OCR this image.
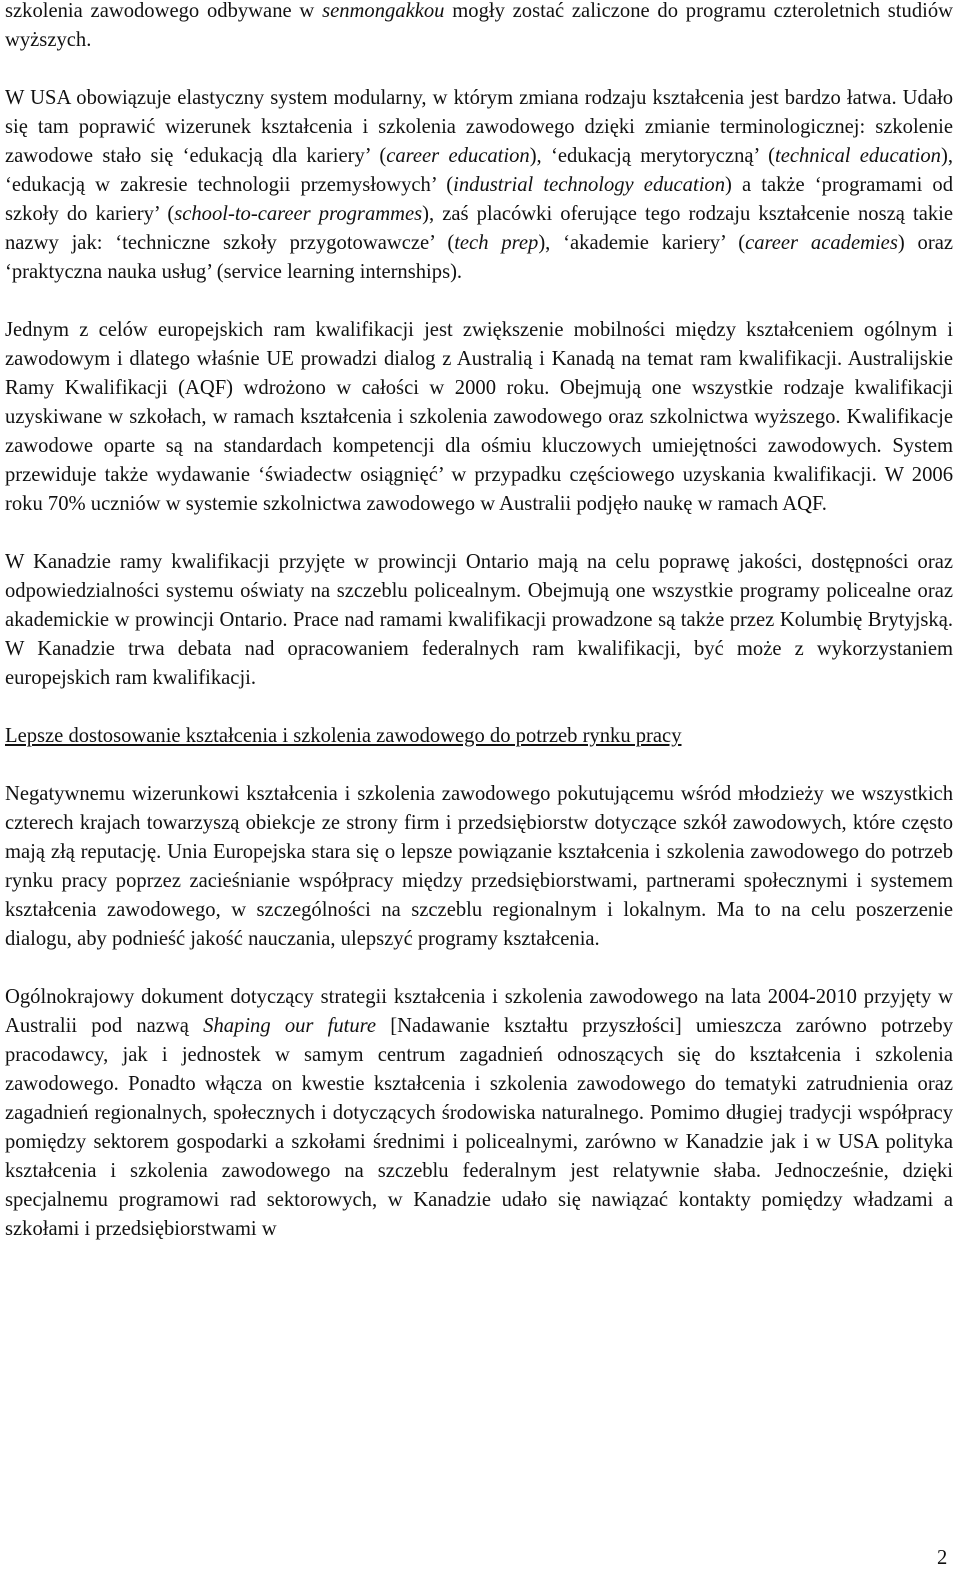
szkolenia zawodowego odbywane w senmongakkou mogły zostać zaliczone do programu czteroletnich studiów wyższych.

W USA obowiązuje elastyczny system modularny, w którym zmiana rodzaju kształcenia jest bardzo łatwa. Udało się tam poprawić wizerunek kształcenia i szkolenia zawodowego dzięki zmianie terminologicznej: szkolenie zawodowe stało się ‘edukacją dla kariery’ (career education), ‘edukacją merytoryczną’ (technical education), ‘edukacją w zakresie technologii przemysłowych’ (industrial technology education) a także ‘programami od szkoły do kariery’ (school-to-career programmes), zaś placówki oferujące tego rodzaju kształcenie noszą takie nazwy jak: ‘techniczne szkoły przygotowawcze’ (tech prep), ‘akademie kariery’ (career academies) oraz ‘praktyczna nauka usług’ (service learning internships).

Jednym z celów europejskich ram kwalifikacji jest zwiększenie mobilności między kształceniem ogólnym i zawodowym i dlatego właśnie UE prowadzi dialog z Australią i Kanadą na temat ram kwalifikacji. Australijskie Ramy Kwalifikacji (AQF) wdrożono w całości w 2000 roku. Obejmują one wszystkie rodzaje kwalifikacji uzyskiwane w szkołach, w ramach kształcenia i szkolenia zawodowego oraz szkolnictwa wyższego. Kwalifikacje zawodowe oparte są na standardach kompetencji dla ośmiu kluczowych umiejętności zawodowych. System przewiduje także wydawanie ‘świadectw osiągnięć’ w przypadku częściowego uzyskania kwalifikacji. W 2006 roku 70% uczniów w systemie szkolnictwa zawodowego w Australii podjęło naukę w ramach AQF.

W Kanadzie ramy kwalifikacji przyjęte w prowincji Ontario mają na celu poprawę jakości, dostępności oraz odpowiedzialności systemu oświaty na szczeblu policealnym. Obejmują one wszystkie programy policealne oraz akademickie w prowincji Ontario. Prace nad ramami kwalifikacji prowadzone są także przez Kolumbię Brytyjską. W Kanadzie trwa debata nad opracowaniem federalnych ram kwalifikacji, być może z wykorzystaniem europejskich ram kwalifikacji.

Lepsze dostosowanie kształcenia i szkolenia zawodowego do potrzeb rynku pracy

Negatywnemu wizerunkowi kształcenia i szkolenia zawodowego pokutującemu wśród młodzieży we wszystkich czterech krajach towarzyszą obiekcje ze strony firm i przedsiębiorstw dotyczące szkół zawodowych, które często mają złą reputację. Unia Europejska stara się o lepsze powiązanie kształcenia i szkolenia zawodowego do potrzeb rynku pracy poprzez zacieśnianie współpracy między przedsiębiorstwami, partnerami społecznymi i systemem kształcenia zawodowego, w szczególności na szczeblu regionalnym i lokalnym. Ma to na celu poszerzenie dialogu, aby podnieść jakość nauczania, ulepszyć programy kształcenia.

Ogólnokrajowy dokument dotyczący strategii kształcenia i szkolenia zawodowego na lata 2004-2010 przyjęty w Australii pod nazwą Shaping our future [Nadawanie kształtu przyszłości] umieszcza zarówno potrzeby pracodawcy, jak i jednostek w samym centrum zagadnień odnoszących się do kształcenia i szkolenia zawodowego. Ponadto włącza on kwestie kształcenia i szkolenia zawodowego do tematyki zatrudnienia oraz zagadnień regionalnych, społecznych i dotyczących środowiska naturalnego. Pomimo długiej tradycji współpracy pomiędzy sektorem gospodarki a szkołami średnimi i policealnymi, zarówno w Kanadzie jak i w USA polityka kształcenia i szkolenia zawodowego na szczeblu federalnym jest relatywnie słaba. Jednocześnie, dzięki specjalnemu programowi rad sektorowych, w Kanadzie udało się nawiązać kontakty pomiędzy władzami a szkołami i przedsiębiorstwami w

2
